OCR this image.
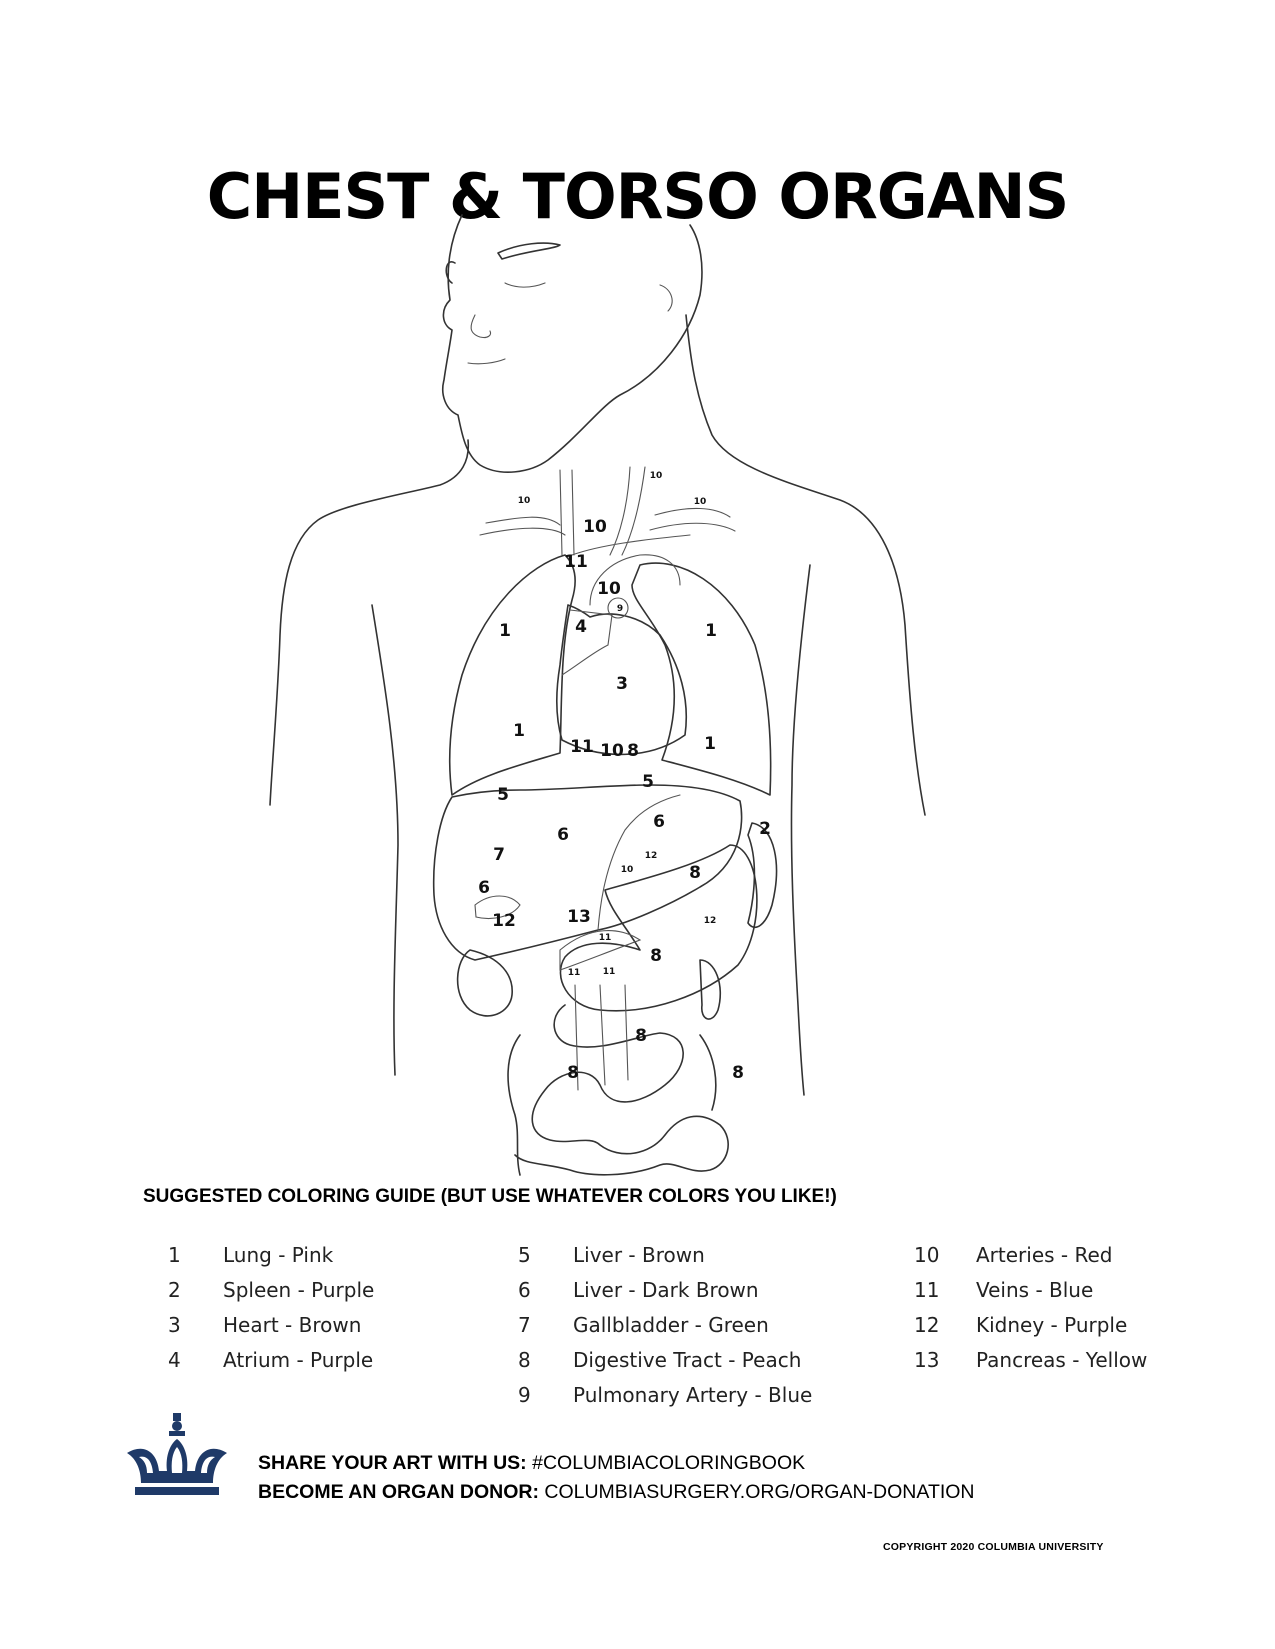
CHEST & TORSO ORGANS
1	1
1
1
2
3
4
5
5
6
6
6
7
8
8
8
8
8	8
9
10
10	10
10
10
10
10
11
11
11
11 11
12
12
12
13
SUGGESTED COLORING GUIDE (BUT USE WHATEVER COLORS YOU LIKE!)
1 Lung - Pink
2 Spleen - Purple
3 Heart - Brown
4 Atrium - Purple
5 Liver - Brown
6 Liver - Dark Brown
7 Gallbladder - Green
8 Digestive Tract - Peach
9 Pulmonary Artery - Blue
10 Arteries - Red
11 Veins - Blue
12 Kidney - Purple
13 Pancreas - Yellow
SHARE YOUR ART WITH US: #COLUMBIACOLORINGBOOK
BECOME AN ORGAN DONOR: COLUMBIASURGERY.ORG/ORGAN-DONATION
COPYRIGHT 2020 COLUMBIA UNIVERSITY
